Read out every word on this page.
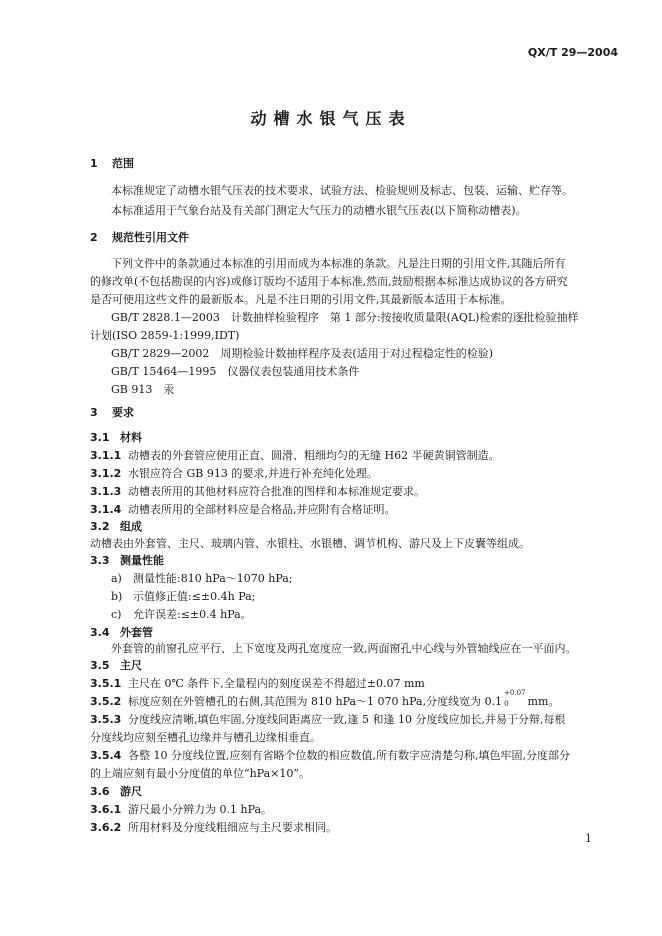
QX/T 29—2004
动槽水银气压表
1 范围
本标准规定了动槽水银气压表的技术要求、试验方法、检验规则及标志、包装、运输、贮存等。
本标准适用于气象台站及有关部门测定大气压力的动槽水银气压表(以下简称动槽表)。
2 规范性引用文件
下列文件中的条款通过本标准的引用而成为本标准的条款。凡是注日期的引用文件,其随后所有
的修改单(不包括勘误的内容)或修订版均不适用于本标准,然而,鼓励根据本标准达成协议的各方研究
是否可使用这些文件的最新版本。凡是不注日期的引用文件,其最新版本适用于本标准。
GB/T 2828.1—2003　计数抽样检验程序　第 1 部分:按接收质量限(AQL)检索的逐批检验抽样
计划(ISO 2859-1:1999,IDT)
GB/T 2829—2002　周期检验计数抽样程序及表(适用于对过程稳定性的检验)
GB/T 15464—1995　仪器仪表包装通用技术条件
GB 913　汞
3 要求
3.1 材料
3.1.1 动槽表的外套管应使用正直、圆滑、粗细均匀的无缝 H62 半硬黄铜管制造。
3.1.2 水银应符合 GB 913 的要求,并进行补充纯化处理。
3.1.3 动槽表所用的其他材料应符合批准的图样和本标准规定要求。
3.1.4 动槽表所用的全部材料应是合格品,并应附有合格证明。
3.2 组成
动槽表由外套管、主尺、玻璃内管、水银柱、水银槽、调节机构、游尺及上下皮囊等组成。
3.3 测量性能
a) 测量性能:810 hPa～1070 hPa;
b) 示值修正值:≤±0.4h Pa;
c) 允许误差:≤±0.4 hPa。
3.4 外套管
外套管的前窗孔应平行、上下宽度及两孔宽度应一致,两面窗孔中心线与外管轴线应在一平面内。
3.5 主尺
3.5.1 主尺在 0℃ 条件下,全量程内的刻度误差不得超过±0.07 mm
3.5.2 标度应刻在外管槽孔的右侧,其范围为 810 hPa～1 070 hPa,分度线宽为 0.1
+0.07
0 mm。
3.5.3 分度线应清晰,填色牢固,分度线间距离应一致,逢 5 和逢 10 分度线应加长,并易于分辩,每根
分度线均应刻至槽孔边缘并与槽孔边缘相垂直。
3.5.4 各整 10 分度线位置,应刻有省略个位数的相应数值,所有数字应清楚匀称,填色牢固,分度部分
的上端应刻有最小分度值的单位“hPa×10”。
3.6 游尺
3.6.1 游尺最小分辨力为 0.1 hPa。
3.6.2 所用材料及分度线粗细应与主尺要求相同。
1
